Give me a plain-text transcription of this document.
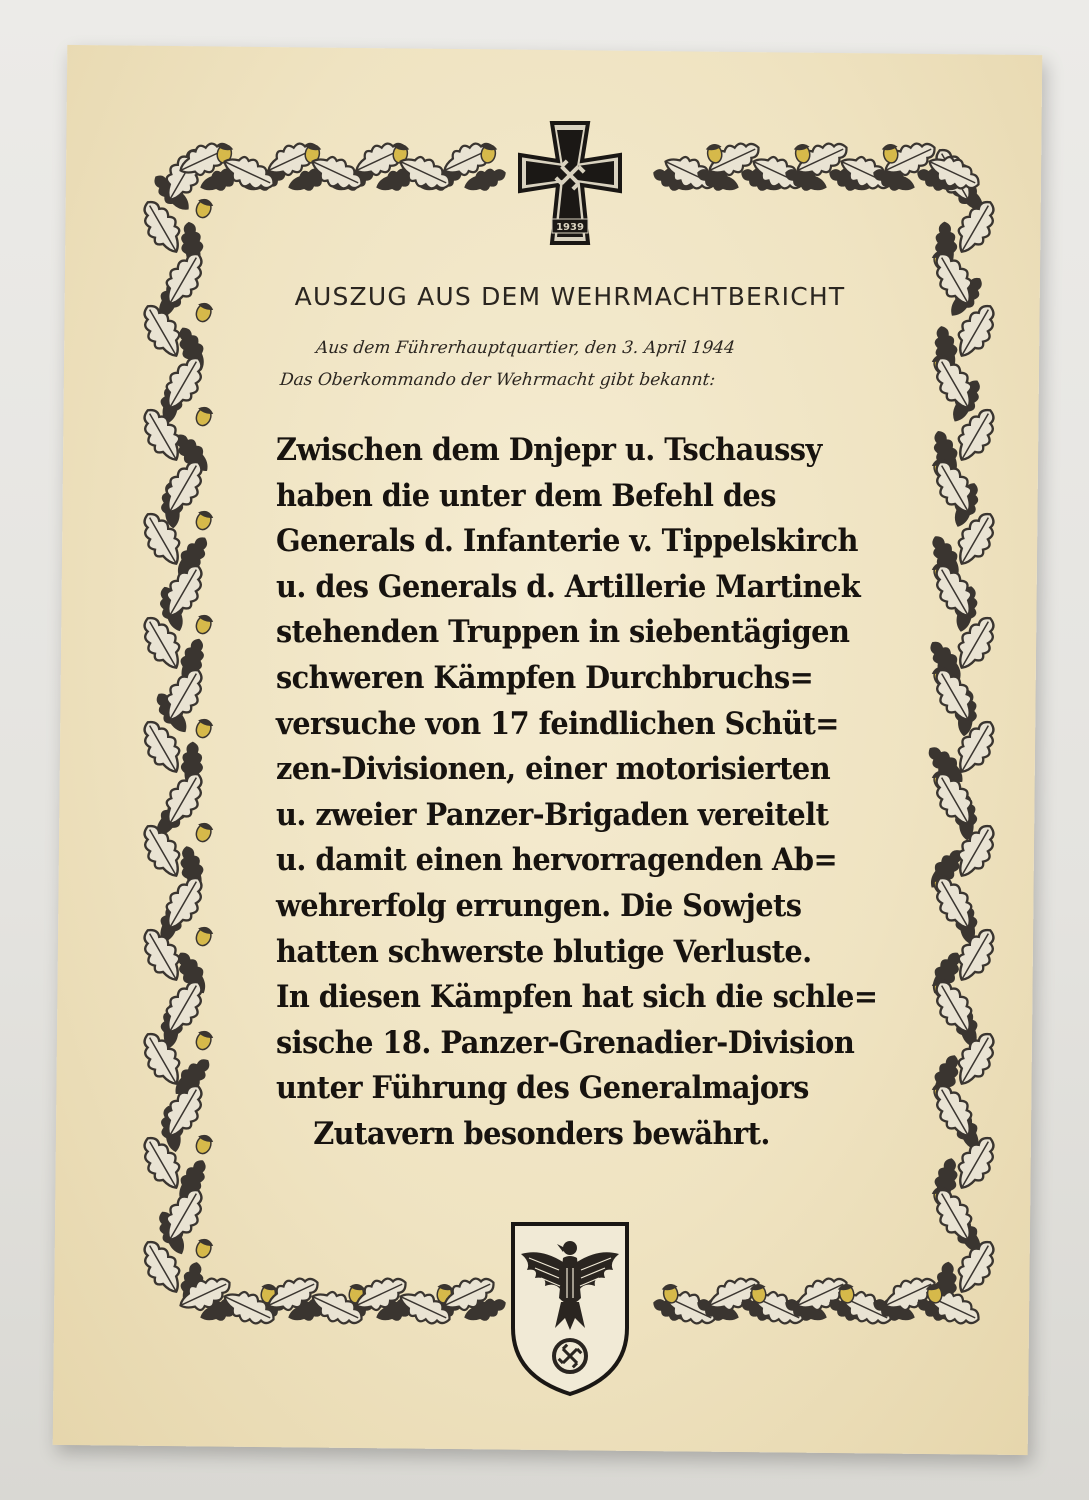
1939
AUSZUG AUS DEM WEHRMACHTBERICHT
Aus dem Führerhauptquartier, den 3. April 1944
Das Oberkommando der Wehrmacht gibt bekannt:
Zwischen dem Dnjepr u. Tschaussy
haben die unter dem Befehl des
Generals d. Infanterie v. Tippelskirch
u. des Generals d. Artillerie Martinek
stehenden Truppen in siebentägigen
schweren Kämpfen Durchbruchs=
versuche von 17 feindlichen Schüt=
zen-Divisionen, einer motorisierten
u. zweier Panzer-Brigaden vereitelt
u. damit einen hervorragenden Ab=
wehrerfolg errungen. Die Sowjets
hatten schwerste blutige Verluste.
In diesen Kämpfen hat sich die schle=
sische 18. Panzer-Grenadier-Division
unter Führung des Generalmajors
Zutavern besonders bewährt.
